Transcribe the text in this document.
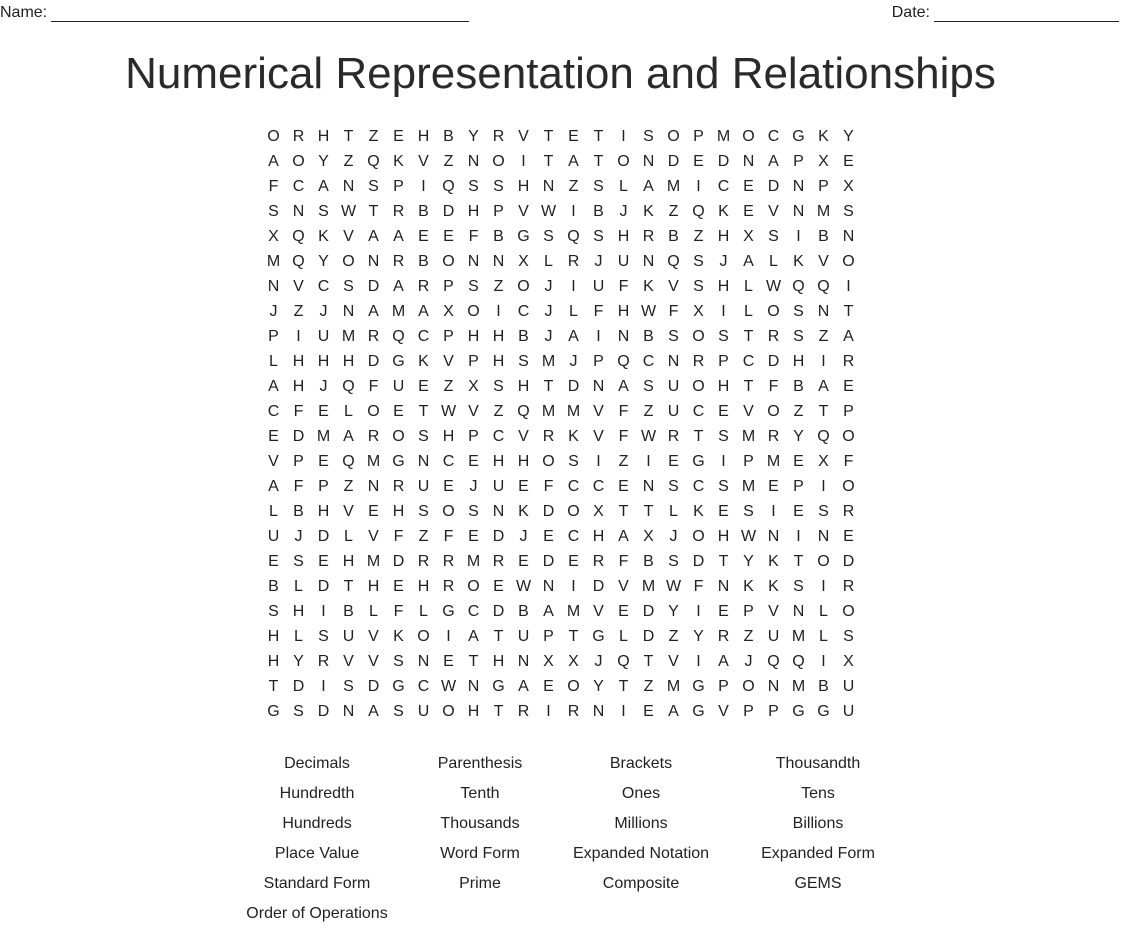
Name:	Date:
Numerical Representation and Relationships
O R H T Z E H B Y R V T E T	I	S O P M O C G K Y
A O Y Z Q K V Z N O	I	T A T O N D E D N A P X E
F C A N S P	I	Q S S H N Z S L A M	I	C E D N P X
S N S W T R B D H P V W I	B J K Z Q K E V N M S
X Q K V A A E E F B G S Q S H R B Z H X S	I	B N
M Q Y O N R B O N N X L R J U N Q S J A L K V O
N V C S D A R P S Z O J	I	U F K V S H L W Q Q	I
J	Z	J N A M A X O	I	C J	L F H W F X	I	L O S N T
P	I	U M R Q C P H H B J A	I	N B S O S T R S Z A
L H H H D G K V P H S M J P Q C N R P C D H	I	R
A H J Q F U E Z X S H T D N A S U O H T F B A E
C F E L O E T W V Z Q M M V F Z U C E V O Z T P
E D M A R O S H P C V R K V F W R T S M R Y Q O
V P E Q M G N C E H H O S	I	Z	I	E G	I	P M E X F
A F P Z N R U E J U E F C C E N S C S M E P	I	O
L B H V E H S O S N K D O X T T L K E S	I	E S R
U J D L V F Z F E D J E C H A X J O H W N	I	N E
E S E H M D R R M R E D E R F B S D T Y K T O D
B L D T H E H R O E W N	I	D V M W F N K K S	I	R
S H	I	B L F L G C D B A M V E D Y	I	E P V N L O
H L S U V K O	I	A T U P T G L D Z Y R Z U M L S
H Y R V V S N E T H N X X J Q T V	I	A J Q Q	I	X
T D	I	S D G C W N G A E O Y T Z M G P O N M B U
G S D N A S U O H T R	I	R N	I	E A G V P P G G U
Decimals
Hundredth
Hundreds
Place Value
Standard Form
Order of Operations
Parenthesis
Tenth
Thousands
Word Form
Prime
Brackets
Ones
Millions
Expanded Notation
Composite
Thousandth
Tens
Billions
Expanded Form
GEMS
